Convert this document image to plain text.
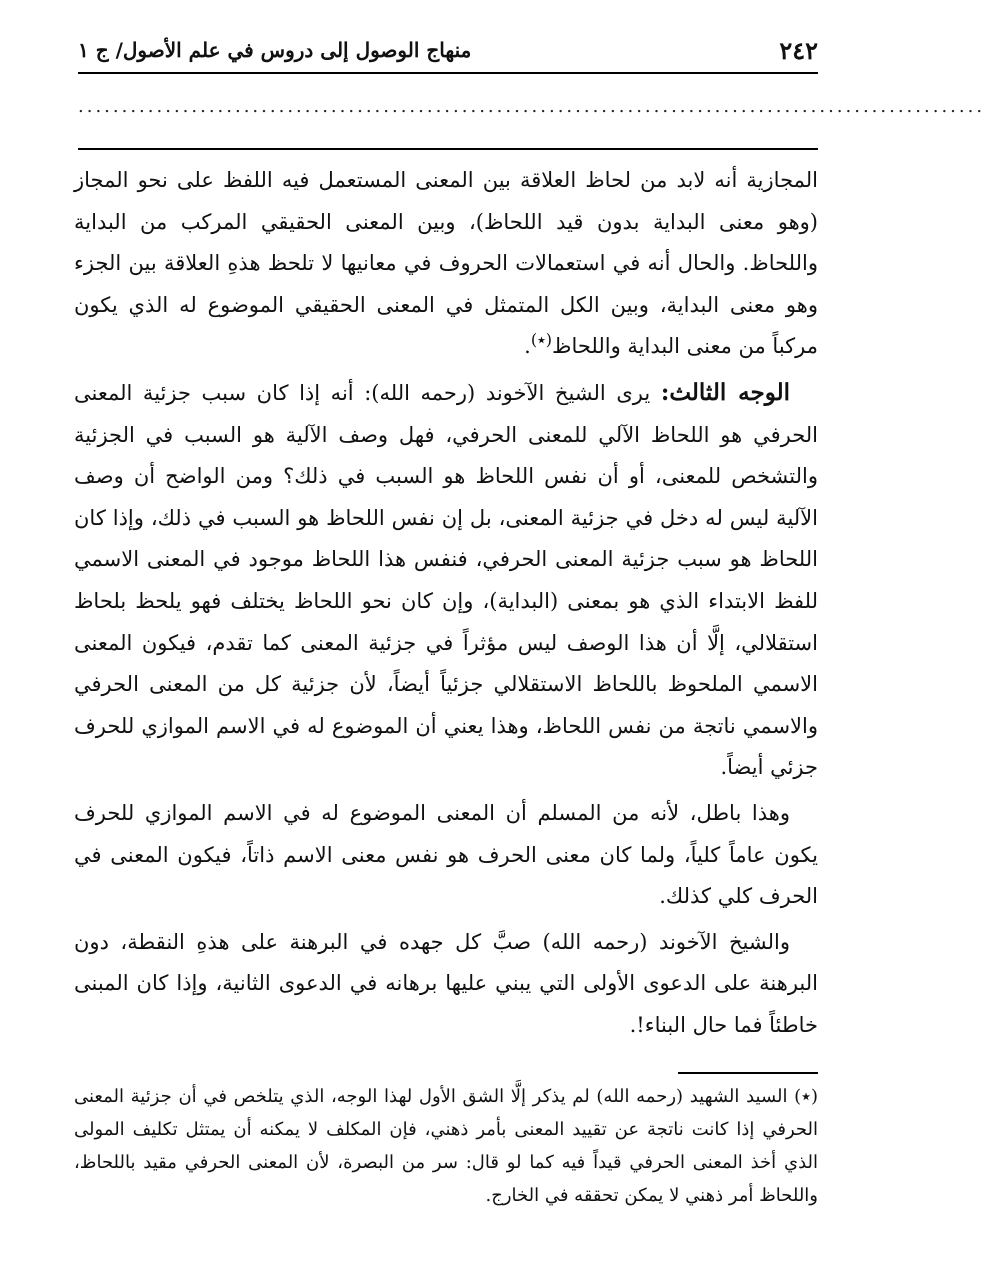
٢٤٢
منهاج الوصول إلى دروس في علم الأصول/ ج ١
........................................................................................................

المجازية أنه لابد من لحاظ العلاقة بين المعنى المستعمل فيه اللفظ على نحو المجاز (وهو معنى البداية بدون قيد اللحاظ)، وبين المعنى الحقيقي المركب من البداية واللحاظ. والحال أنه في استعمالات الحروف في معانيها لا تلحظ هذهِ العلاقة بين الجزء وهو معنى البداية، وبين الكل المتمثل في المعنى الحقيقي الموضوع له الذي يكون مركباً من معنى البداية واللحاظ(٭).

الوجه الثالث: يرى الشيخ الآخوند (رحمه الله): أنه إذا كان سبب جزئية المعنى الحرفي هو اللحاظ الآلي للمعنى الحرفي، فهل وصف الآلية هو السبب في الجزئية والتشخص للمعنى، أو أن نفس اللحاظ هو السبب في ذلك؟ ومن الواضح أن وصف الآلية ليس له دخل في جزئية المعنى، بل إن نفس اللحاظ هو السبب في ذلك، وإذا كان اللحاظ هو سبب جزئية المعنى الحرفي، فنفس هذا اللحاظ موجود في المعنى الاسمي للفظ الابتداء الذي هو بمعنى (البداية)، وإن كان نحو اللحاظ يختلف فهو يلحظ بلحاظ استقلالي، إلَّا أن هذا الوصف ليس مؤثراً في جزئية المعنى كما تقدم، فيكون المعنى الاسمي الملحوظ باللحاظ الاستقلالي جزئياً أيضاً، لأن جزئية كل من المعنى الحرفي والاسمي ناتجة من نفس اللحاظ، وهذا يعني أن الموضوع له في الاسم الموازي للحرف جزئي أيضاً.

وهذا باطل، لأنه من المسلم أن المعنى الموضوع له في الاسم الموازي للحرف يكون عاماً كلياً، ولما كان معنى الحرف هو نفس معنى الاسم ذاتاً، فيكون المعنى في الحرف كلي كذلك.

والشيخ الآخوند (رحمه الله) صبَّ كل جهده في البرهنة على هذهِ النقطة، دون البرهنة على الدعوى الأولى التي يبني عليها برهانه في الدعوى الثانية، وإذا كان المبنى خاطئاً فما حال البناء!.

(٭) السيد الشهيد (رحمه الله) لم يذكر إلَّا الشق الأول لهذا الوجه، الذي يتلخص في أن جزئية المعنى الحرفي إذا كانت ناتجة عن تقييد المعنى بأمر ذهني، فإن المكلف لا يمكنه أن يمتثل تكليف المولى الذي أخذ المعنى الحرفي قيداً فيه كما لو قال: سر من البصرة، لأن المعنى الحرفي مقيد باللحاظ، واللحاظ أمر ذهني لا يمكن تحققه في الخارج.
